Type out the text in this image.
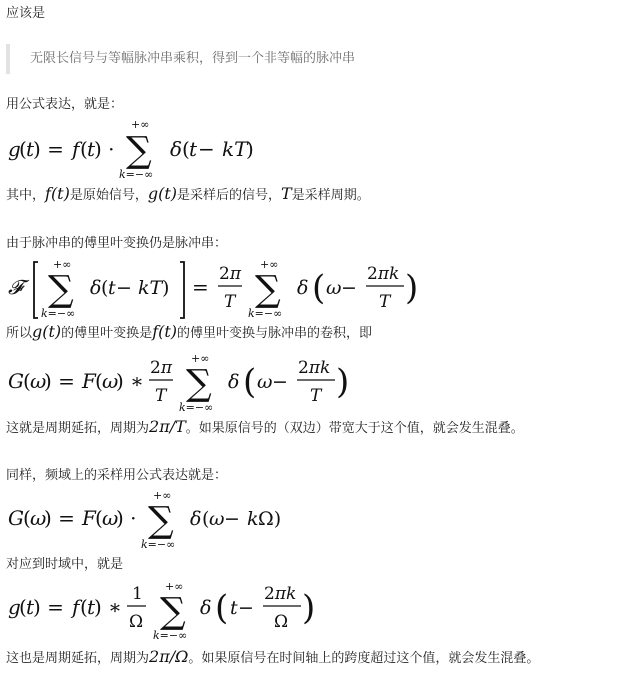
应该是
无限长信号与等幅脉冲串乘积，得到一个非等幅的脉冲串
用公式表达，就是：
其中，f(t)是原始信号，g(t)是采样后的信号，T是采样周期。
由于脉冲串的傅里叶变换仍是脉冲串：
所以g(t)的傅里叶变换是f(t)的傅里叶变换与脉冲串的卷积，即
这就是周期延拓，周期为2π/T。如果原信号的（双边）带宽大于这个值，就会发生混叠。
同样，频域上的采样用公式表达就是：
对应到时域中，就是
这也是周期延拓，周期为2π/Ω。如果原信号在时间轴上的跨度超过这个值，就会发生混叠。
g
( t
) = f ( t
) ·
+∞
∑
k=−∞
δ ( t − kT
)
𝓕
+∞
∑
k=−∞
δ ( t − kT ) =
2π
T
+∞
∑
k=−∞
δ ( ω −
2πk
T )
G ( ω
) = F ( ω
) ∗
2π
T
+∞
∑
k=−∞
δ ( ω −
2πk
T )
G ( ω
) = F ( ω
) ·
+∞
∑
k=−∞
δ ( ω − k Ω)
g
( t
) = f ( t
) ∗
1
Ω
+∞
∑
k=−∞
δ ( t −
2πk
Ω )
